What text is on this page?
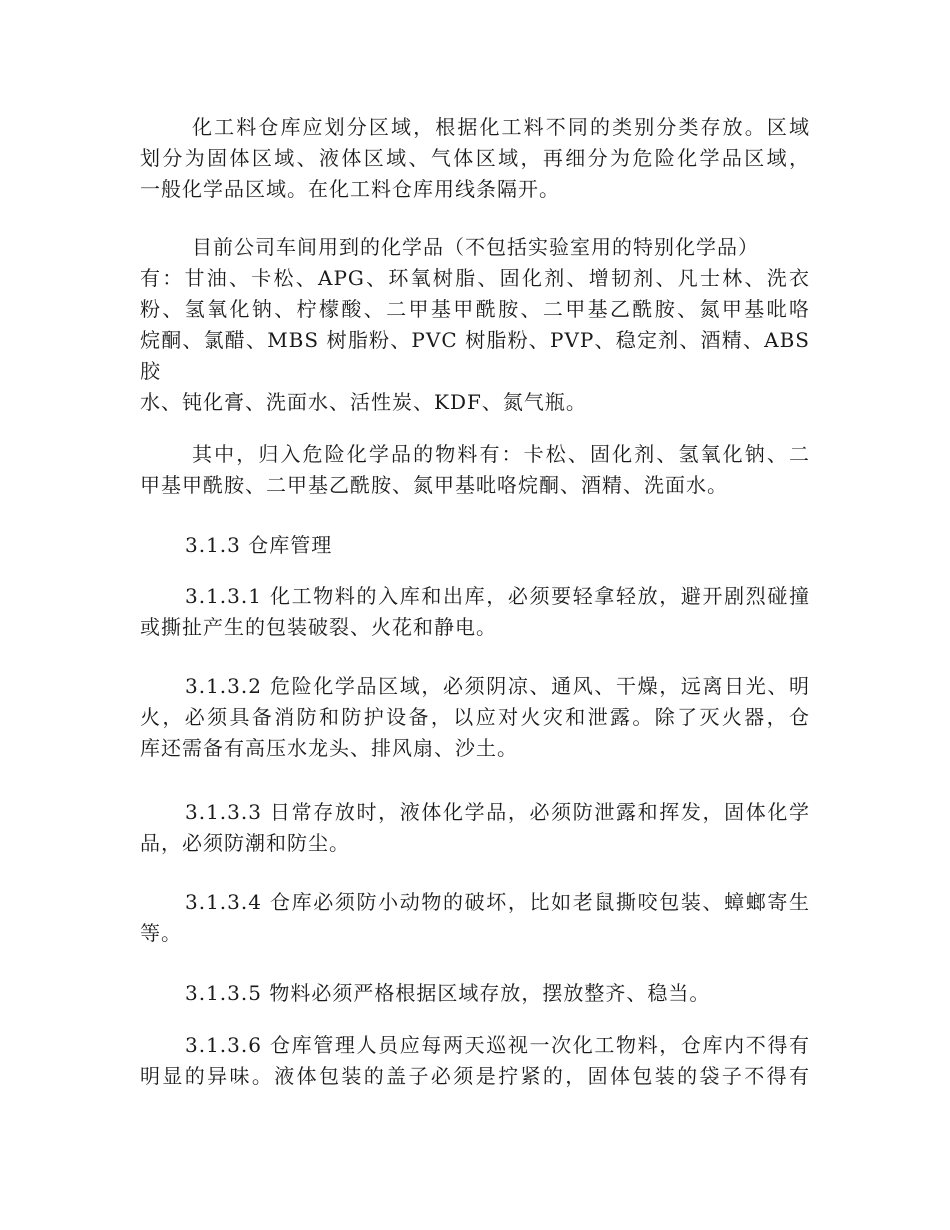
化工料仓库应划分区域，根据化工料不同的类别分类存放。区域
划分为固体区域、液体区域、气体区域，再细分为危险化学品区域，
一般化学品区域。在化工料仓库用线条隔开。
目前公司车间用到的化学品（不包括实验室用的特别化学品）
有：甘油、卡松、APG、环氧树脂、固化剂、增韧剂、凡士林、洗衣
粉、氢氧化钠、柠檬酸、二甲基甲酰胺、二甲基乙酰胺、氮甲基吡咯
烷酮、氯醋、MBS 树脂粉、PVC 树脂粉、PVP、稳定剂、酒精、ABS 胶
水、钝化膏、洗面水、活性炭、KDF、氮气瓶。
其中，归入危险化学品的物料有：卡松、固化剂、氢氧化钠、二
甲基甲酰胺、二甲基乙酰胺、氮甲基吡咯烷酮、酒精、洗面水。
3.1.3 仓库管理
3.1.3.1 化工物料的入库和出库，必须要轻拿轻放，避开剧烈碰撞
或撕扯产生的包装破裂、火花和静电。
3.1.3.2 危险化学品区域，必须阴凉、通风、干燥，远离日光、明
火，必须具备消防和防护设备，以应对火灾和泄露。除了灭火器，仓
库还需备有高压水龙头、排风扇、沙土。
3.1.3.3 日常存放时，液体化学品，必须防泄露和挥发，固体化学
品，必须防潮和防尘。
3.1.3.4 仓库必须防小动物的破坏，比如老鼠撕咬包装、蟑螂寄生
等。
3.1.3.5 物料必须严格根据区域存放，摆放整齐、稳当。
3.1.3.6 仓库管理人员应每两天巡视一次化工物料，仓库内不得有
明显的异味。液体包装的盖子必须是拧紧的，固体包装的袋子不得有
